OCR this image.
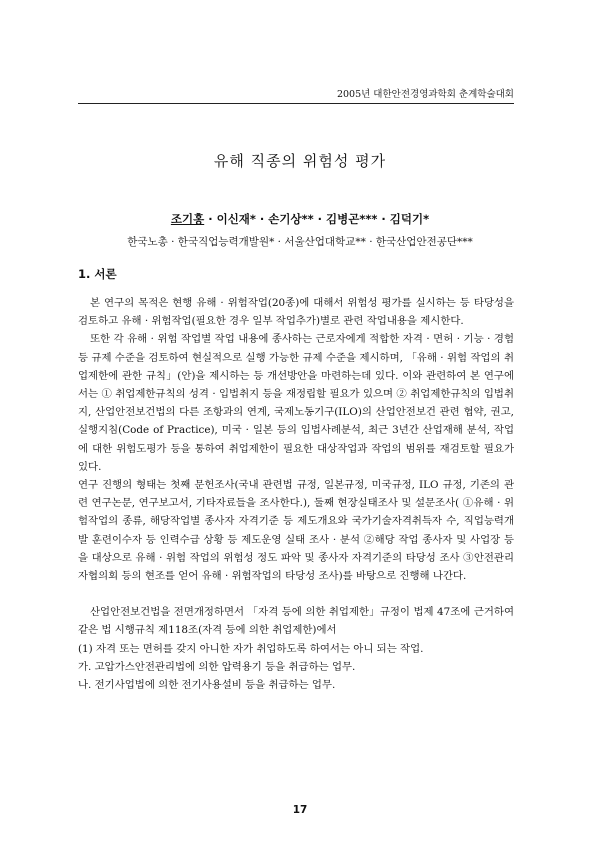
2005년 대한안전경영과학회 춘계학술대회
유해 직종의 위험성 평가
조기홍 · 이신재* · 손기상** · 김병곤*** · 김덕기*
한국노총 · 한국직업능력개발원* · 서울산업대학교** · 한국산업안전공단***
1. 서론

본 연구의 목적은 현행 유해 · 위험작업(20종)에 대해서 위험성 평가를 실시하는 등 타당성을 검토하고 유해 · 위험작업(필요한 경우 일부 작업추가)별로 관련 작업내용을 제시한다.

또한 각 유해 · 위험 작업별 작업 내용에 종사하는 근로자에게 적합한 자격 · 면허 · 기능 · 경험 등 규제 수준을 검토하여 현실적으로 실행 가능한 규제 수준을 제시하며, 「유해 · 위험 작업의 취업제한에 관한 규칙」(안)을 제시하는 등 개선방안을 마련하는데 있다. 이와 관련하여 본 연구에서는 ① 취업제한규칙의 성격 · 입법취지 등을 재정립할 필요가 있으며 ② 취업제한규칙의 입법취지, 산업안전보건법의 다른 조항과의 연계, 국제노동기구(ILO)의 산업안전보건 관련 협약, 권고, 실행지침(Code of Practice), 미국 · 일본 등의 입법사례분석, 최근 3년간 산업재해 분석, 작업에 대한 위험도평가 등을 통하여 취업제한이 필요한 대상작업과 작업의 범위를 재검토할 필요가 있다.

연구 진행의 형태는 첫째 문헌조사(국내 관련법 규정, 일본규정, 미국규정, ILO 규정, 기존의 관련 연구논문, 연구보고서, 기타자료들을 조사한다.), 둘째 현장실태조사 및 설문조사( ①유해 · 위험작업의 종류, 해당작업별 종사자 자격기준 등 제도개요와 국가기술자격취득자 수, 직업능력개발 훈련이수자 등 인력수급 상황 등 제도운영 실태 조사 · 분석 ②해당 작업 종사자 및 사업장 등을 대상으로 유해 · 위험 작업의 위험성 정도 파악 및 종사자 자격기준의 타당성 조사 ③안전관리자협의회 등의 현조를 얻어 유해 · 위험작업의 타당성 조사)를 바탕으로 진행해 나간다.

산업안전보건법을 전면개정하면서 「자격 등에 의한 취업제한」규정이 법제 47조에 근거하여 같은 법 시행규칙 제118조(자격 등에 의한 취업제한)에서

(1) 자격 또는 면허를 갖지 아니한 자가 취업하도록 하여서는 아니 되는 작업.

가. 고압가스안전관리법에 의한 압력용기 등을 취급하는 업무.

나. 전기사업법에 의한 전기사용설비 등을 취급하는 업무.

17
